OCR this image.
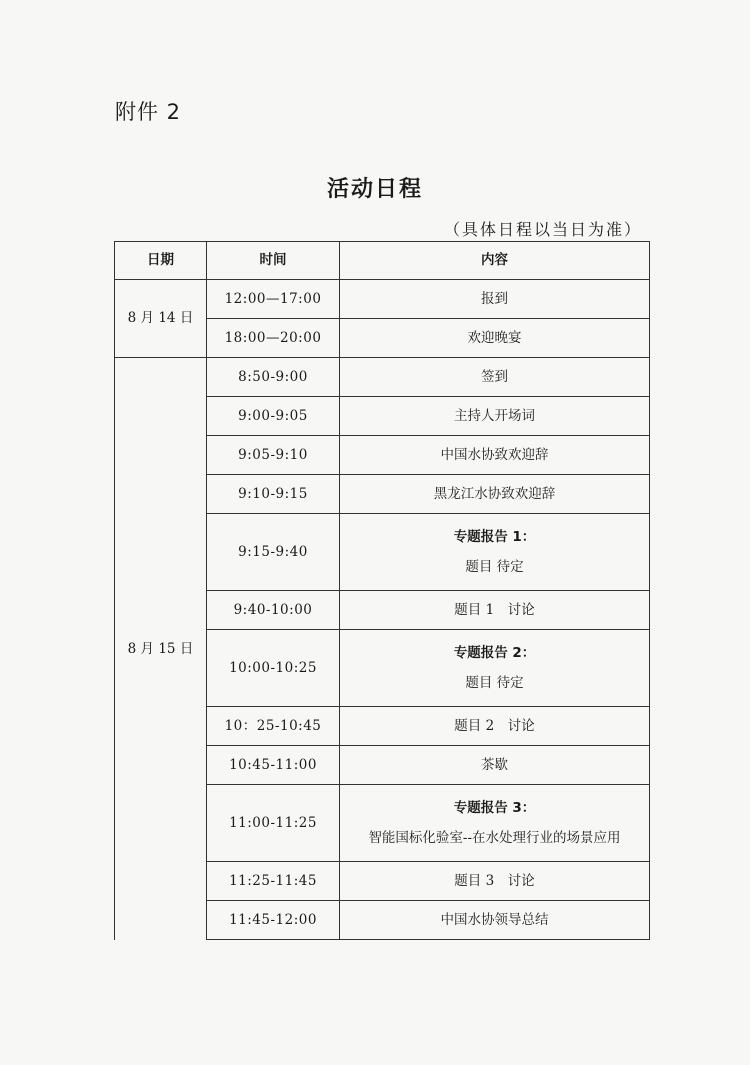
附件 2
活动日程
（具体日程以当日为准）
日期	时间	内容
8 月 14 日	12:00—17:00	报到
	18:00—20:00	欢迎晚宴
8 月 15 日	8:50-9:00	签到
	9:00-9:05	主持人开场词
	9:05-9:10	中国水协致欢迎辞
	9:10-9:15	黑龙江水协致欢迎辞
	9:15-9:40	专题报告 1：
题目 待定

	9:40-10:00	题目 1　讨论
	10:00-10:25	专题报告 2：
题目 待定

	10：25-10:45	题目 2　讨论
	10:45-11:00	茶歇
	11:00-11:25	专题报告 3：
智能国标化验室--在水处理行业的场景应用

	11:25-11:45	题目 3　讨论
	11:45-12:00	中国水协领导总结
